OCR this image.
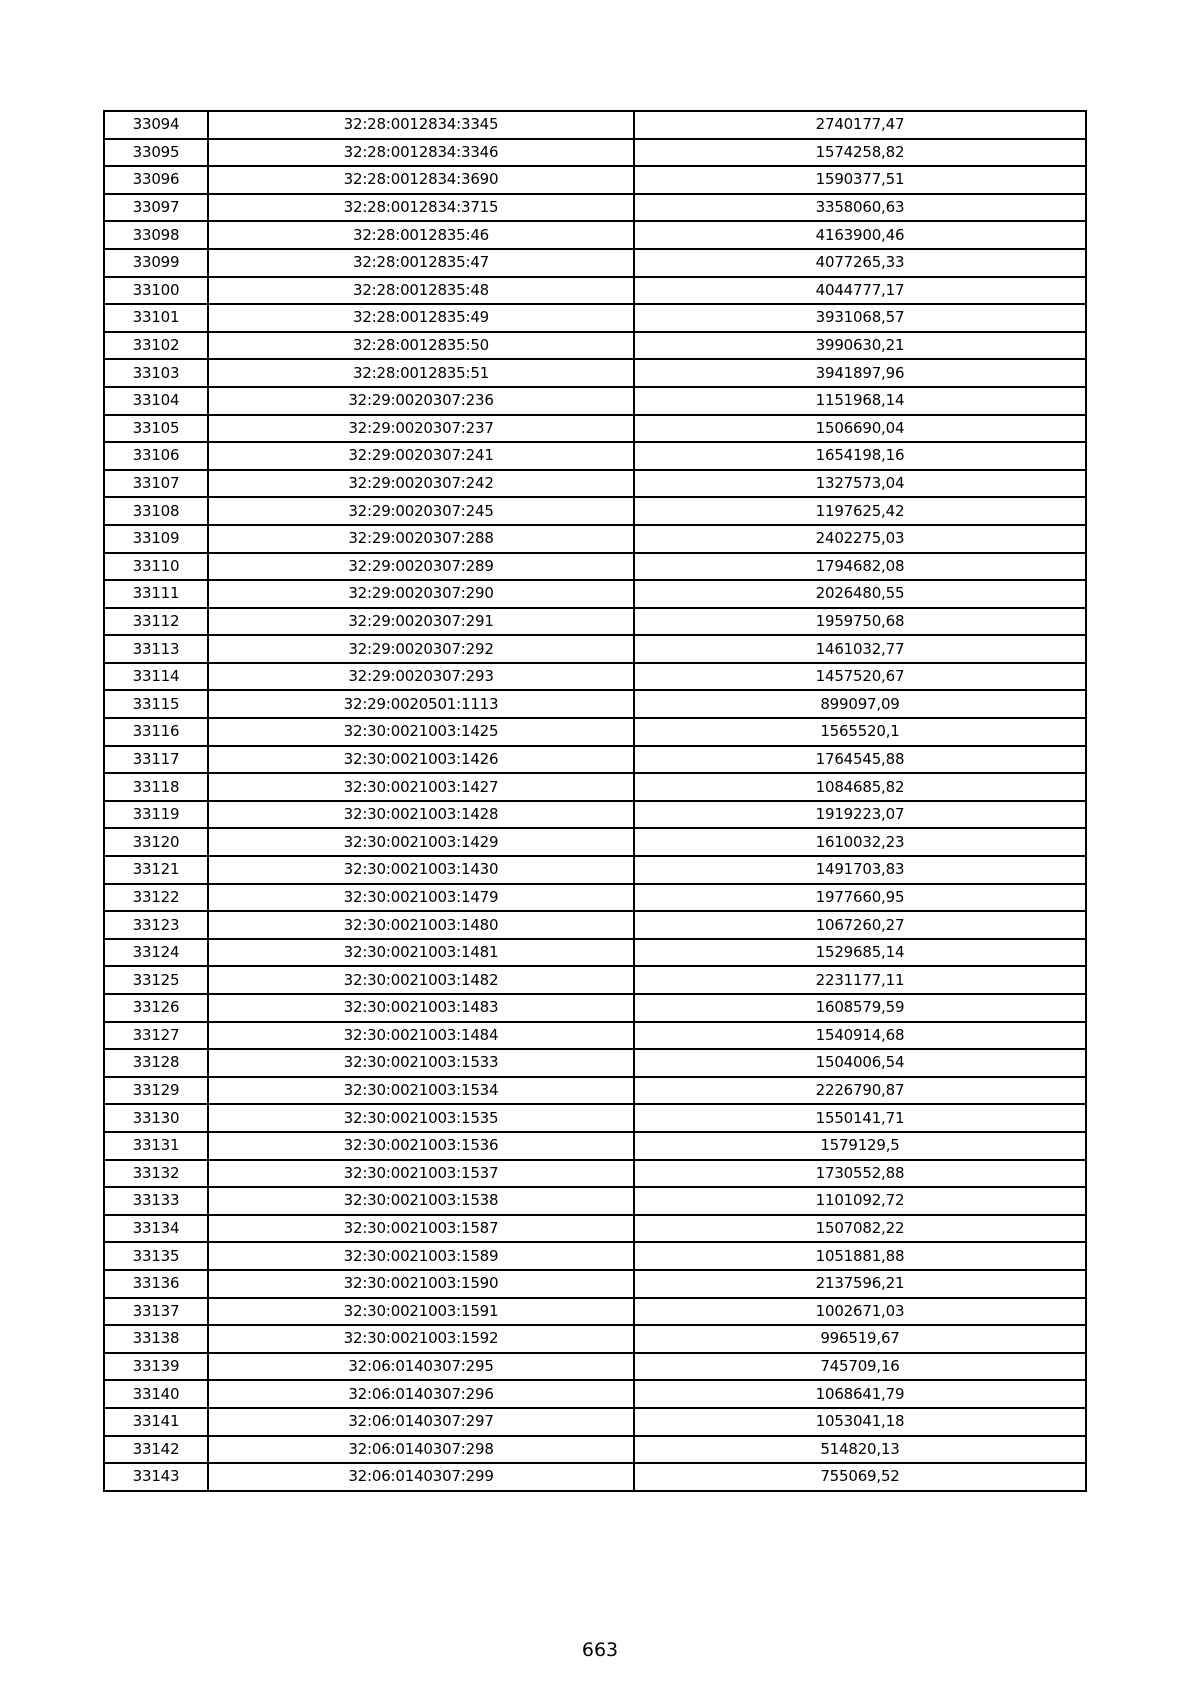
33094	32:28:0012834:3345	2740177,47
33095	32:28:0012834:3346	1574258,82
33096	32:28:0012834:3690	1590377,51
33097	32:28:0012834:3715	3358060,63
33098	32:28:0012835:46	4163900,46
33099	32:28:0012835:47	4077265,33
33100	32:28:0012835:48	4044777,17
33101	32:28:0012835:49	3931068,57
33102	32:28:0012835:50	3990630,21
33103	32:28:0012835:51	3941897,96
33104	32:29:0020307:236	1151968,14
33105	32:29:0020307:237	1506690,04
33106	32:29:0020307:241	1654198,16
33107	32:29:0020307:242	1327573,04
33108	32:29:0020307:245	1197625,42
33109	32:29:0020307:288	2402275,03
33110	32:29:0020307:289	1794682,08
33111	32:29:0020307:290	2026480,55
33112	32:29:0020307:291	1959750,68
33113	32:29:0020307:292	1461032,77
33114	32:29:0020307:293	1457520,67
33115	32:29:0020501:1113	899097,09
33116	32:30:0021003:1425	1565520,1
33117	32:30:0021003:1426	1764545,88
33118	32:30:0021003:1427	1084685,82
33119	32:30:0021003:1428	1919223,07
33120	32:30:0021003:1429	1610032,23
33121	32:30:0021003:1430	1491703,83
33122	32:30:0021003:1479	1977660,95
33123	32:30:0021003:1480	1067260,27
33124	32:30:0021003:1481	1529685,14
33125	32:30:0021003:1482	2231177,11
33126	32:30:0021003:1483	1608579,59
33127	32:30:0021003:1484	1540914,68
33128	32:30:0021003:1533	1504006,54
33129	32:30:0021003:1534	2226790,87
33130	32:30:0021003:1535	1550141,71
33131	32:30:0021003:1536	1579129,5
33132	32:30:0021003:1537	1730552,88
33133	32:30:0021003:1538	1101092,72
33134	32:30:0021003:1587	1507082,22
33135	32:30:0021003:1589	1051881,88
33136	32:30:0021003:1590	2137596,21
33137	32:30:0021003:1591	1002671,03
33138	32:30:0021003:1592	996519,67
33139	32:06:0140307:295	745709,16
33140	32:06:0140307:296	1068641,79
33141	32:06:0140307:297	1053041,18
33142	32:06:0140307:298	514820,13
33143	32:06:0140307:299	755069,52
663
